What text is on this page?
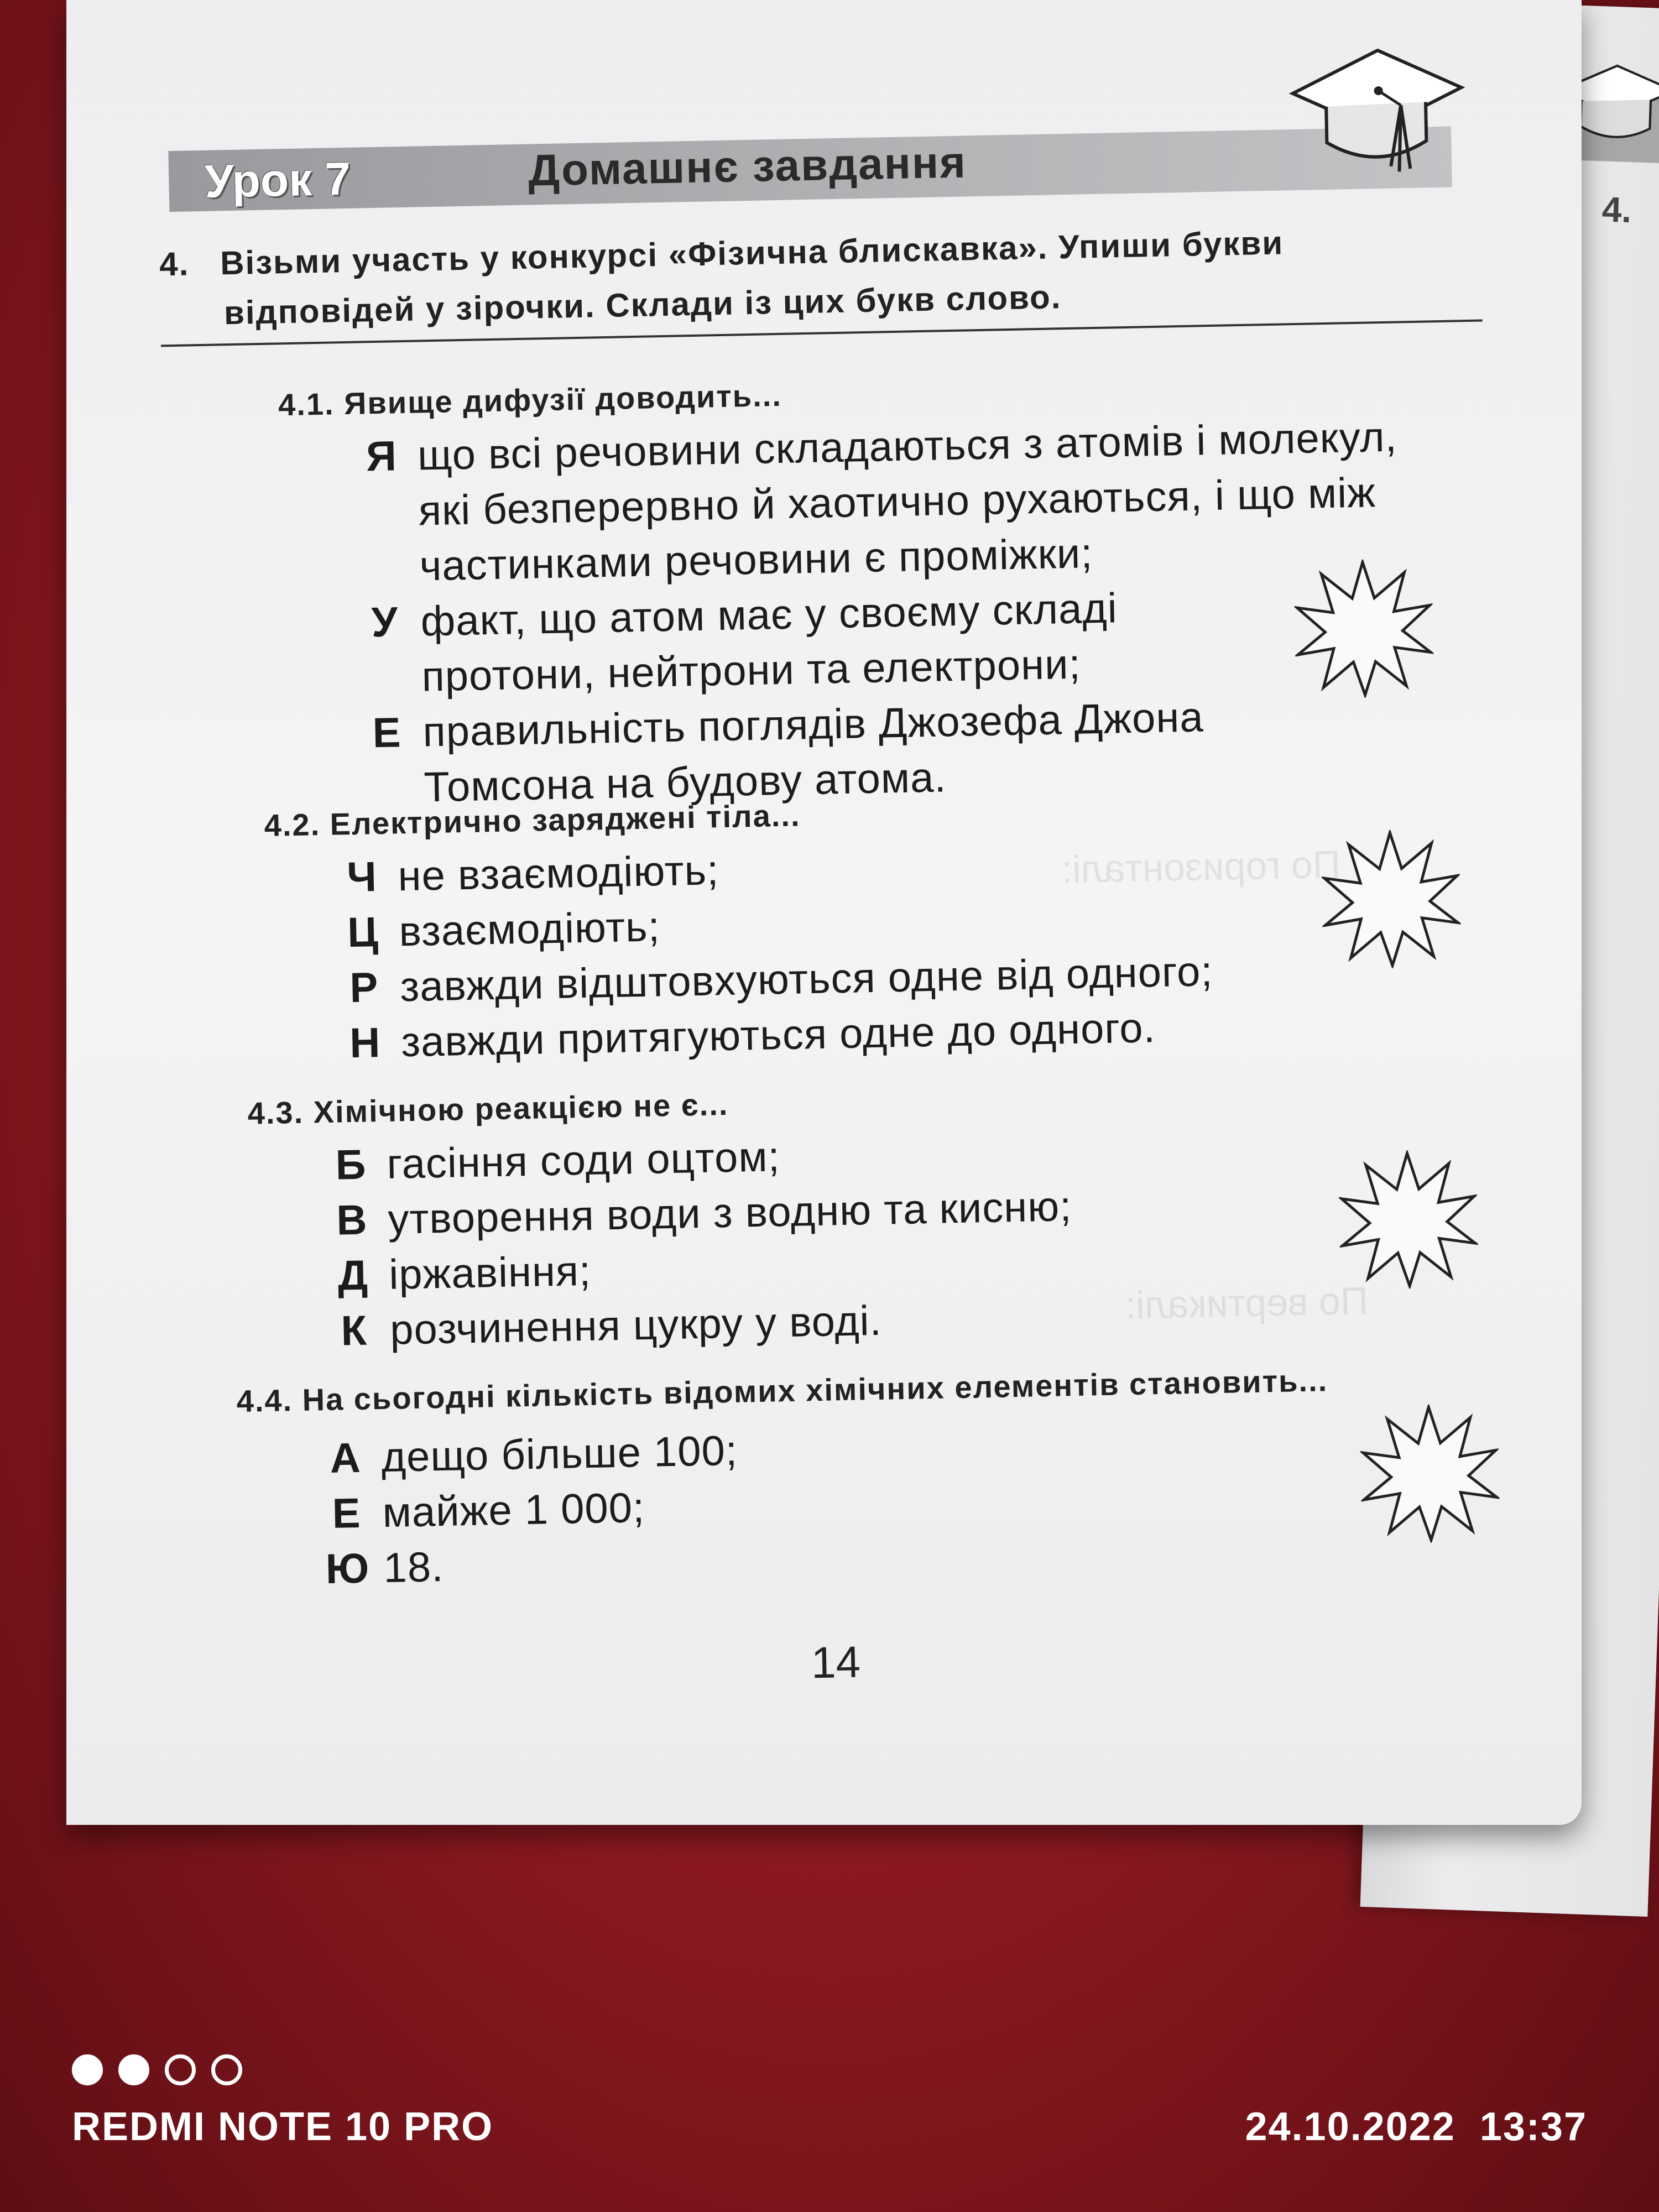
4.
По горизонталі:
По вертикалі:
Урок 7	Домашнє завдання
4. Візьми участь у конкурсі «Фізична блискавка». Упиши букви
відповідей у зірочки. Склади із цих букв слово.
4.1. Явище дифузії доводить...
Я що всі речовини складаються з атомів і молекул, які безперервно й хаотично рухаються, і що між частинками речовини є проміжки;
У факт, що атом має у своєму складі протони, нейтрони та електрони;
Е правильність поглядів Джозефа Джона Томсона на будову атома.
4.2. Електрично заряджені тіла...
Ч не взаємодіють;
Ц взаємодіють;
Р завжди відштовхуються одне від одного;
Н завжди притягуються одне до одного.
4.3. Хімічною реакцією не є...
Б гасіння соди оцтом;
В утворення води з водню та кисню;
Д іржавіння;
К розчинення цукру у воді.
4.4. На сьогодні кількість відомих хімічних елементів становить...
А дещо більше 100;
Е майже 1 000;
Ю 18.
14
REDMI NOTE 10 PRO	24.10.2022 13:37
